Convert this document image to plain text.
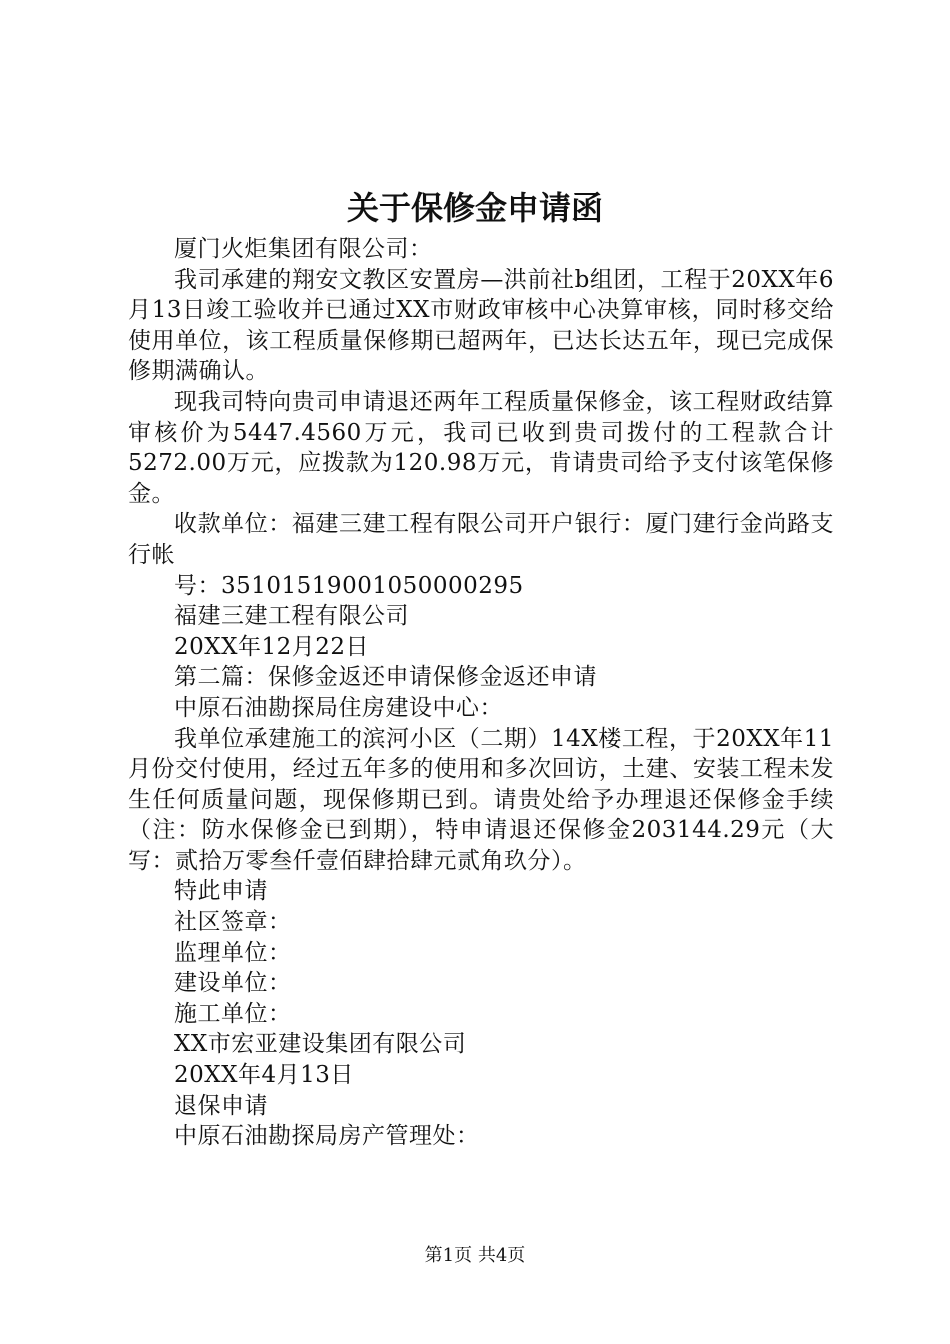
关于保修金申请函

厦门火炬集团有限公司：

我司承建的翔安文教区安置房—洪前社b组团，工程于20XX年6月13日竣工验收并已通过XX市财政审核中心决算审核，同时移交给使用单位，该工程质量保修期已超两年，已达长达五年，现已完成保修期满确认。

现我司特向贵司申请退还两年工程质量保修金，该工程财政结算审核价为5447.4560万元，我司已收到贵司拨付的工程款合计5272.00万元，应拨款为120.98万元，肯请贵司给予支付该笔保修金。

收款单位：福建三建工程有限公司开户银行：厦门建行金尚路支行帐

号：35101519001050000295

福建三建工程有限公司

20XX年12月22日

第二篇：保修金返还申请保修金返还申请

中原石油勘探局住房建设中心：

我单位承建施工的滨河小区（二期）14X楼工程，于20XX年11月份交付使用，经过五年多的使用和多次回访，土建、安装工程未发生任何质量问题，现保修期已到。请贵处给予办理退还保修金手续（注：防水保修金已到期），特申请退还保修金203144.29元（大写：贰拾万零叁仟壹佰肆拾肆元贰角玖分）。

特此申请

社区签章：

监理单位：

建设单位：

施工单位：

XX市宏亚建设集团有限公司

20XX年4月13日

退保申请

中原石油勘探局房产管理处：

第1页 共4页
